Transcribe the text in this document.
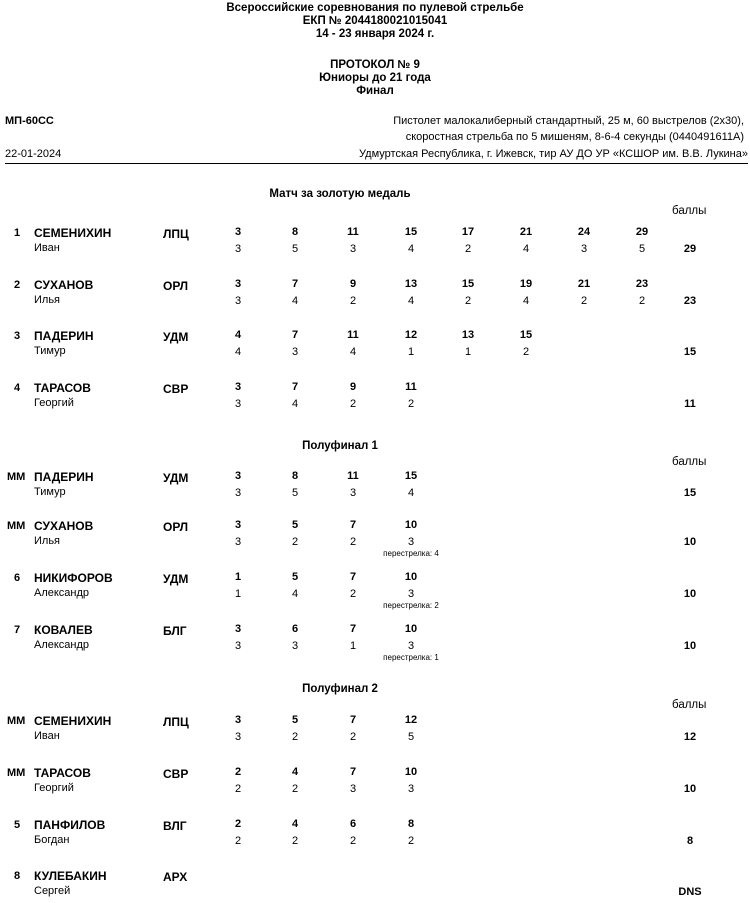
Всероссийские соревнования по пулевой стрельбе
ЕКП № 2044180021015041
14 - 23 января 2024 г.
ПРОТОКОЛ № 9
Юниоры до 21 года
Финал
МП-60СС
22-01-2024
Пистолет малокалиберный стандартный, 25 м, 60 выстрелов (2х30),
скоростная стрельба по 5 мишеням, 8-6-4 секунды (0440491611А)
Удмуртская Республика, г. Ижевск, тир АУ ДО УР «КСШОР им. В.В. Лукина»
Матч за золотую медаль
баллы
1 СЕМЕНИХИН
Иван
ЛПЦ	3	8	11	15	17	21	24	29
3	5	3	4	2	4	3	5	29
2 СУХАНОВ
Илья
ОРЛ	3	7	9	13	15	19	21	23
3	4	2	4	2	4	2	2	23
3 ПАДЕРИН
Тимур
УДМ	4	7	11	12	13	15
4	3	4	1	1	2	15
4 ТАРАСОВ
Георгий
СВР	3	7	9	11
3	4	2	2	11
Полуфинал 1
баллы
ММ ПАДЕРИН
Тимур
УДМ	3	8	11	15
3	5	3	4	15
ММ СУХАНОВ
Илья
ОРЛ	3	5	7	10
3	2	2	3	10
перестрелка: 4
6 НИКИФОРОВ
Александр
УДМ	1	5	7	10
1	4	2	3	10
перестрелка: 2
7 КОВАЛЕВ
Александр
БЛГ	3	6	7	10
3	3	1	3	10
перестрелка: 1
Полуфинал 2
баллы
ММ СЕМЕНИХИН
Иван
ЛПЦ	3	5	7	12
3	2	2	5	12
ММ ТАРАСОВ
Георгий
СВР	2	4	7	10
2	2	3	3	10
5 ПАНФИЛОВ
Богдан
ВЛГ	2	4	6	8
2	2	2	2	8
8 КУЛЕБАКИН
Сергей
АРХ
DNS
